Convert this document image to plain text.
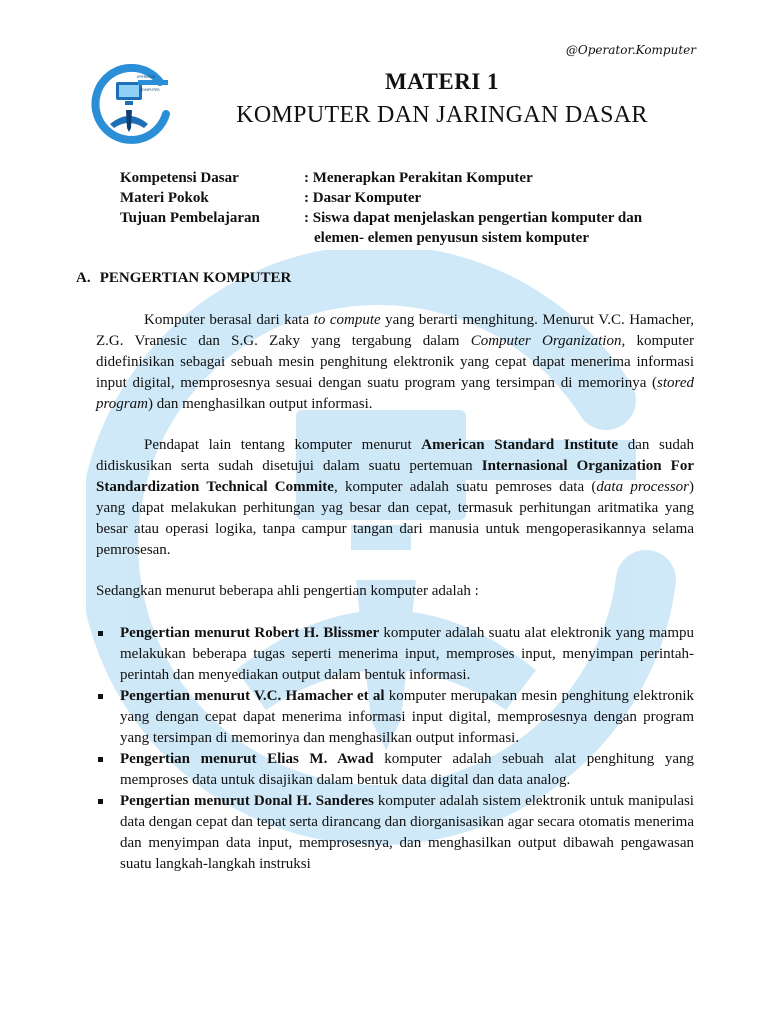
@Operator.Komputer
OPERATOR
KOMPUTER	MATERI 1
KOMPUTER DAN JARINGAN DASAR
Kompetensi Dasar	: Menerapkan Perakitan Komputer
Materi Pokok	: Dasar Komputer
Tujuan Pembelajaran	: Siswa dapat menjelaskan pengertian komputer dan
elemen- elemen penyusun sistem komputer
A. PENGERTIAN KOMPUTER

Komputer berasal dari kata to compute yang berarti menghitung. Menurut V.C. Hamacher, Z.G. Vranesic dan S.G. Zaky yang tergabung dalam Computer Organization, komputer didefinisikan sebagai sebuah mesin penghitung elektronik yang cepat dapat menerima informasi input digital, memprosesnya sesuai dengan suatu program yang tersimpan di memorinya (stored program) dan menghasilkan output informasi.

Pendapat lain tentang komputer menurut American Standard Institute dan sudah didiskusikan serta sudah disetujui dalam suatu pertemuan Internasional Organization For Standardization Technical Commite, komputer adalah suatu pemroses data (data processor) yang dapat melakukan perhitungan yag besar dan cepat, termasuk perhitungan aritmatika yang besar atau operasi logika, tanpa campur tangan dari manusia untuk mengoperasikannya selama pemrosesan.

Sedangkan menurut beberapa ahli pengertian komputer adalah :

Pengertian menurut Robert H. Blissmer komputer adalah suatu alat elektronik yang mampu melakukan beberapa tugas seperti menerima input, memproses input, menyimpan perintah-perintah dan menyediakan output dalam bentuk informasi.
Pengertian menurut V.C. Hamacher et al komputer merupakan mesin penghitung elektronik yang dengan cepat dapat menerima informasi input digital, memprosesnya dengan program yang tersimpan di memorinya dan menghasilkan output informasi.
Pengertian menurut Elias M. Awad komputer adalah sebuah alat penghitung yang memproses data untuk disajikan dalam bentuk data digital dan data analog.
Pengertian menurut Donal H. Sanderes komputer adalah sistem elektronik untuk manipulasi data dengan cepat dan tepat serta dirancang dan diorganisasikan agar secara otomatis menerima dan menyimpan data input, memprosesnya, dan menghasilkan output dibawah pengawasan suatu langkah-langkah instruksi
